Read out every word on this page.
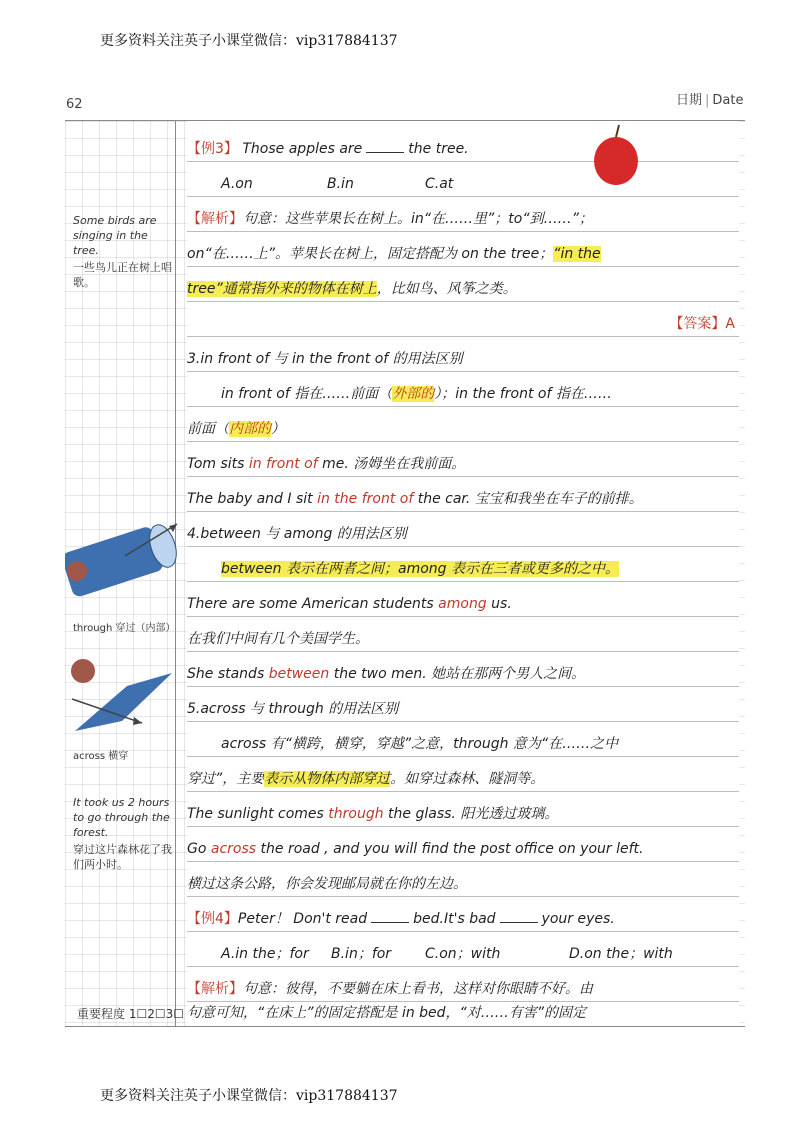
更多资料关注英子小课堂微信：vip317884137
62	日期 | Date
Some birds are singing in the tree.
一些鸟儿正在树上唱歌。
through 穿过（内部）
across 横穿
It took us 2 hours to go through the forest.
穿过这片森林花了我们两小时。
重要程度 1☐2☐3☐
【例3】 Those apples are	the tree.
A.on	B.in	C.at
【解析】句意：这些苹果长在树上。in“在……里”；to“到……”；
on“在……上”。苹果长在树上，固定搭配为 on the tree；“in the
tree”通常指外来的物体在树上，比如鸟、风筝之类。
【答案】A
3.in front of 与 in the front of 的用法区别
in front of 指在……前面（外部的）；in the front of 指在……
前面（内部的）
Tom sits in front of me. 汤姆坐在我前面。
The baby and I sit in the front of the car. 宝宝和我坐在车子的前排。
4.between 与 among 的用法区别
between 表示在两者之间；among 表示在三者或更多的之中。
There are some American students among us.
在我们中间有几个美国学生。
She stands between the two men. 她站在那两个男人之间。
5.across 与 through 的用法区别
across 有“横跨，横穿，穿越”之意，through 意为“在……之中
穿过”，主要表示从物体内部穿过。如穿过森林、隧洞等。
The sunlight comes through the glass. 阳光透过玻璃。
Go across the road , and you will find the post office on your left.
横过这条公路，你会发现邮局就在你的左边。
【例4】Peter！ Don't read	bed.It's bad	your eyes.
A.in the；for B.in；for C.on；with	D.on the；with
【解析】句意：彼得，不要躺在床上看书，这样对你眼睛不好。由
句意可知，“在床上”的固定搭配是 in bed，“对……有害”的固定
更多资料关注英子小课堂微信：vip317884137
